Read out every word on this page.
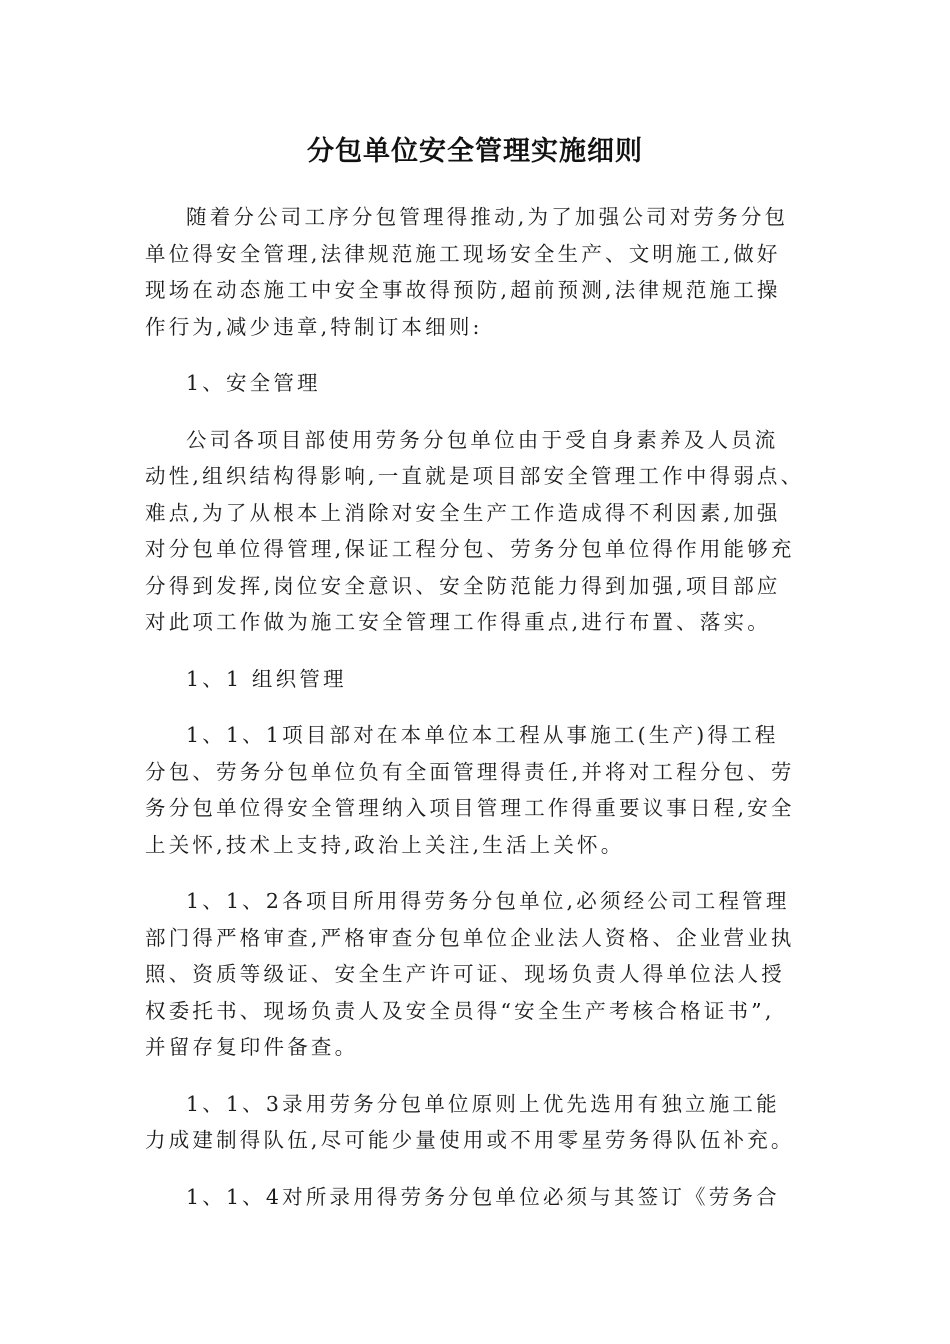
分包单位安全管理实施细则

随着分公司工序分包管理得推动,为了加强公司对劳务分包
单位得安全管理,法律规范施工现场安全生产、文明施工,做好
现场在动态施工中安全事故得预防,超前预测,法律规范施工操
作行为,减少违章,特制订本细则:

1、安全管理

公司各项目部使用劳务分包单位由于受自身素养及人员流
动性,组织结构得影响,一直就是项目部安全管理工作中得弱点、
难点,为了从根本上消除对安全生产工作造成得不利因素,加强
对分包单位得管理,保证工程分包、劳务分包单位得作用能够充
分得到发挥,岗位安全意识、安全防范能力得到加强,项目部应
对此项工作做为施工安全管理工作得重点,进行布置、落实。

1、1 组织管理

1、1、1项目部对在本单位本工程从事施工(生产)得工程
分包、劳务分包单位负有全面管理得责任,并将对工程分包、劳
务分包单位得安全管理纳入项目管理工作得重要议事日程,安全
上关怀,技术上支持,政治上关注,生活上关怀。

1、1、2各项目所用得劳务分包单位,必须经公司工程管理
部门得严格审查,严格审查分包单位企业法人资格、企业营业执
照、资质等级证、安全生产许可证、现场负责人得单位法人授
权委托书、现场负责人及安全员得“安全生产考核合格证书”,
并留存复印件备查。

1、1、3录用劳务分包单位原则上优先选用有独立施工能
力成建制得队伍,尽可能少量使用或不用零星劳务得队伍补充。

1、1、4对所录用得劳务分包单位必须与其签订《劳务合
